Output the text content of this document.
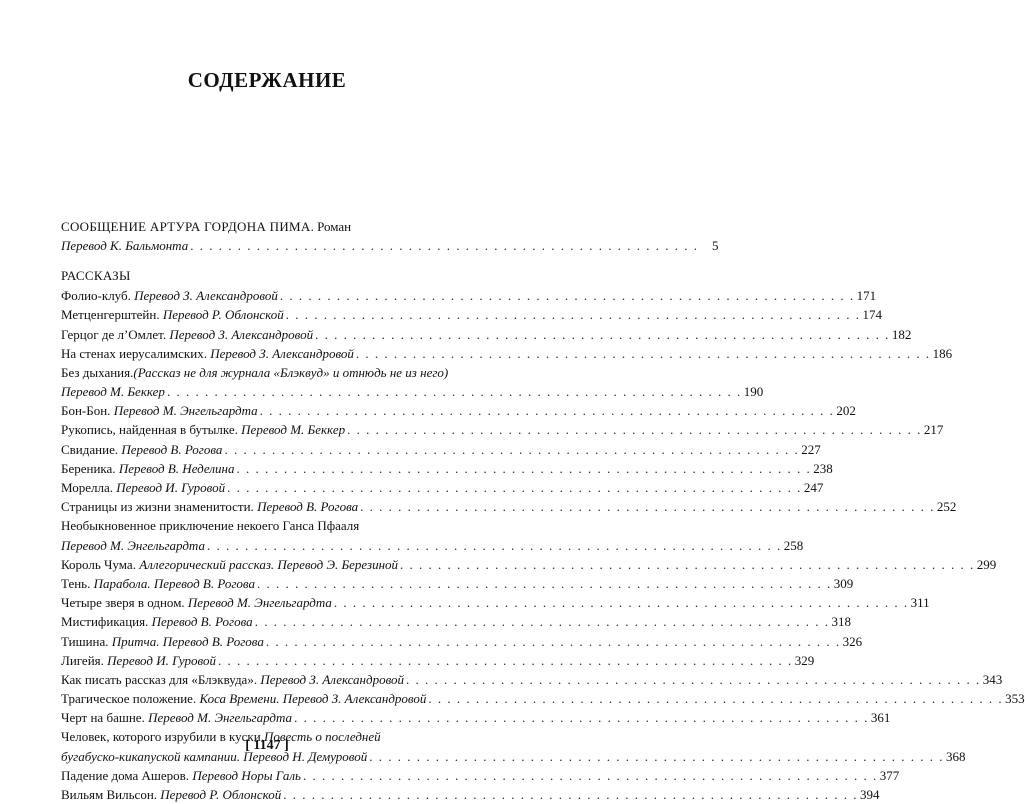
СОДЕРЖАНИЕ
СООБЩЕНИЕ АРТУРА ГОРДОНА ПИМА. Роман
Перевод К. Бальмонта . . . . . . . . . . . . . . . . . . . . . . . . . . . . . . . . . . . . . . . . . . . . . . . . . . . . . .	5
РАССКАЗЫ
Фолио-клуб. Перевод З. Александровой . . . . . . . . . . . . . . . . . . . . . . . . . . . . . . . . . . . . . . . . . . . . . . . . . . . . . . . . . . . . . 171
Метценгерштейн. Перевод Р. Облонской . . . . . . . . . . . . . . . . . . . . . . . . . . . . . . . . . . . . . . . . . . . . . . . . . . . . . . . . . . . . . 174
Герцог де л’Омлет. Перевод З. Александровой . . . . . . . . . . . . . . . . . . . . . . . . . . . . . . . . . . . . . . . . . . . . . . . . . . . . . . . . . . . . . 182
На стенах иерусалимских. Перевод З. Александровой . . . . . . . . . . . . . . . . . . . . . . . . . . . . . . . . . . . . . . . . . . . . . . . . . . . . . . . . . . . . . 186
Без дыхания. (Рассказ не для журнала «Блэквуд» и отнюдь не из него)
Перевод М. Беккер . . . . . . . . . . . . . . . . . . . . . . . . . . . . . . . . . . . . . . . . . . . . . . . . . . . . . . . . . . . . . 190
Бон-Бон. Перевод М. Энгельгардта . . . . . . . . . . . . . . . . . . . . . . . . . . . . . . . . . . . . . . . . . . . . . . . . . . . . . . . . . . . . . 202
Рукопись, найденная в бутылке. Перевод М. Беккер . . . . . . . . . . . . . . . . . . . . . . . . . . . . . . . . . . . . . . . . . . . . . . . . . . . . . . . . . . . . . 217
Свидание. Перевод В. Рогова . . . . . . . . . . . . . . . . . . . . . . . . . . . . . . . . . . . . . . . . . . . . . . . . . . . . . . . . . . . . . 227
Береника. Перевод В. Неделина . . . . . . . . . . . . . . . . . . . . . . . . . . . . . . . . . . . . . . . . . . . . . . . . . . . . . . . . . . . . . 238
Морелла. Перевод И. Гуровой . . . . . . . . . . . . . . . . . . . . . . . . . . . . . . . . . . . . . . . . . . . . . . . . . . . . . . . . . . . . . 247
Страницы из жизни знаменитости. Перевод В. Рогова . . . . . . . . . . . . . . . . . . . . . . . . . . . . . . . . . . . . . . . . . . . . . . . . . . . . . . . . . . . . . 252
Необыкновенное приключение некоего Ганса Пфааля
Перевод М. Энгельгардта . . . . . . . . . . . . . . . . . . . . . . . . . . . . . . . . . . . . . . . . . . . . . . . . . . . . . . . . . . . . . 258
Король Чума. Аллегорический рассказ. Перевод Э. Березиной . . . . . . . . . . . . . . . . . . . . . . . . . . . . . . . . . . . . . . . . . . . . . . . . . . . . . . . . . . . . . 299
Тень. Парабола. Перевод В. Рогова . . . . . . . . . . . . . . . . . . . . . . . . . . . . . . . . . . . . . . . . . . . . . . . . . . . . . . . . . . . . . 309
Четыре зверя в одном. Перевод М. Энгельгардта . . . . . . . . . . . . . . . . . . . . . . . . . . . . . . . . . . . . . . . . . . . . . . . . . . . . . . . . . . . . . 311
Мистификация. Перевод В. Рогова . . . . . . . . . . . . . . . . . . . . . . . . . . . . . . . . . . . . . . . . . . . . . . . . . . . . . . . . . . . . . 318
Тишина. Притча. Перевод В. Рогова . . . . . . . . . . . . . . . . . . . . . . . . . . . . . . . . . . . . . . . . . . . . . . . . . . . . . . . . . . . . . 326
Лигейя. Перевод И. Гуровой . . . . . . . . . . . . . . . . . . . . . . . . . . . . . . . . . . . . . . . . . . . . . . . . . . . . . . . . . . . . . 329
Как писать рассказ для «Блэквуда». Перевод З. Александровой . . . . . . . . . . . . . . . . . . . . . . . . . . . . . . . . . . . . . . . . . . . . . . . . . . . . . . . . . . . . . 343
Трагическое положение. Коса Времени. Перевод З. Александровой . . . . . . . . . . . . . . . . . . . . . . . . . . . . . . . . . . . . . . . . . . . . . . . . . . . . . . . . . . . . . 353
Черт на башне. Перевод М. Энгельгардта . . . . . . . . . . . . . . . . . . . . . . . . . . . . . . . . . . . . . . . . . . . . . . . . . . . . . . . . . . . . . 361
Человек, которого изрубили в куски. Повесть о последней
бугабуско-кикапуской кампании. Перевод Н. Демуровой . . . . . . . . . . . . . . . . . . . . . . . . . . . . . . . . . . . . . . . . . . . . . . . . . . . . . . . . . . . . . 368
Падение дома Ашеров. Перевод Норы Галь . . . . . . . . . . . . . . . . . . . . . . . . . . . . . . . . . . . . . . . . . . . . . . . . . . . . . . . . . . . . . 377
Вильям Вильсон. Перевод Р. Облонской . . . . . . . . . . . . . . . . . . . . . . . . . . . . . . . . . . . . . . . . . . . . . . . . . . . . . . . . . . . . . 394
[ 1147 ]
